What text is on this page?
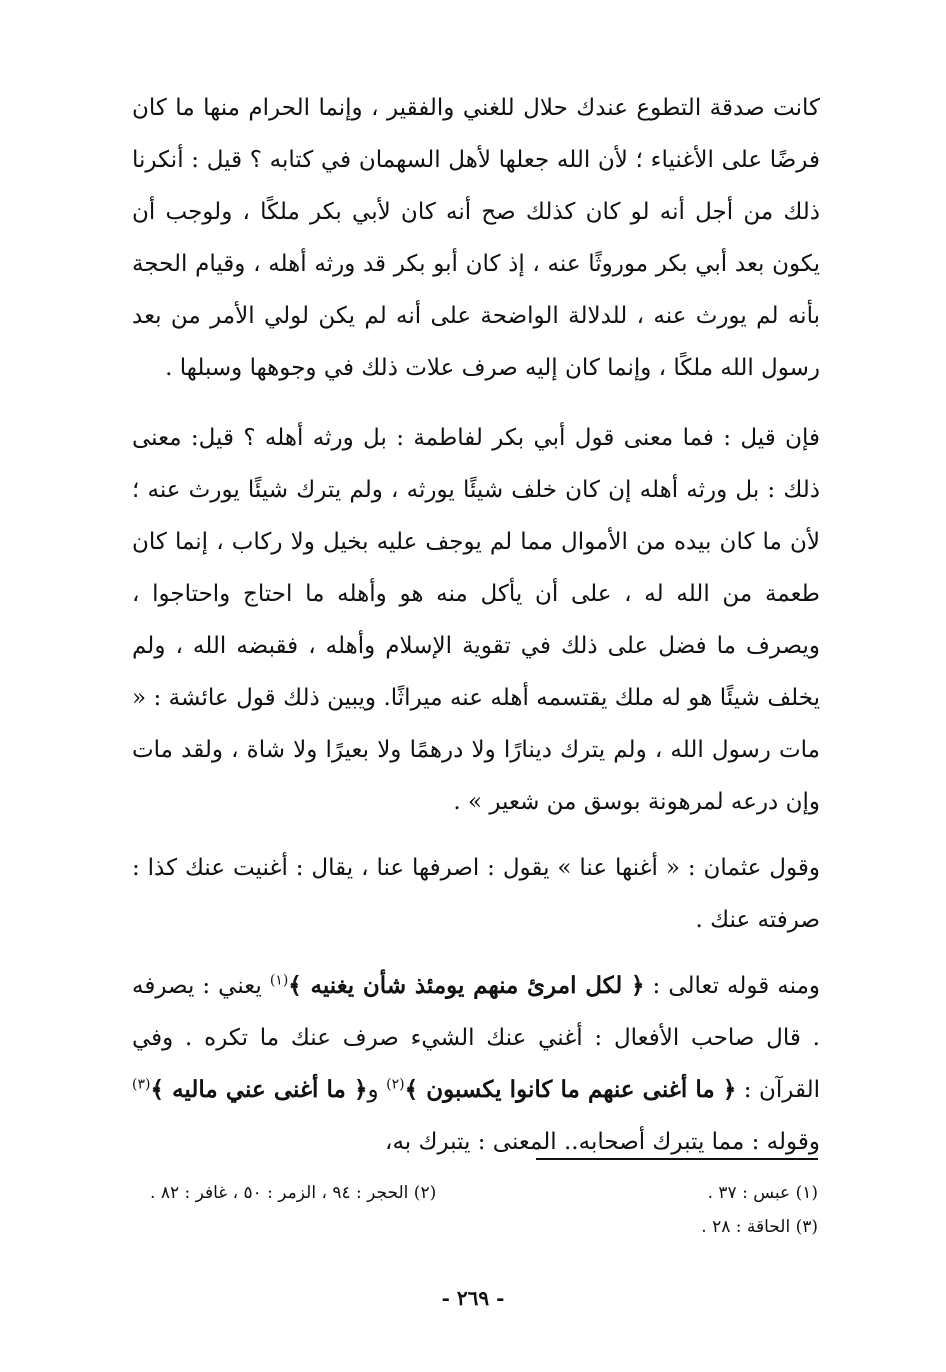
كانت صدقة التطوع عندك حلال للغني والفقير ، وإنما الحرام منها ما كان فرضًا على الأغنياء ؛ لأن الله جعلها لأهل السهمان في كتابه ؟ قيل : أنكرنا ذلك من أجل أنه لو كان كذلك صح أنه كان لأبي بكر ملكًا ، ولوجب أن يكون بعد أبي بكر موروثًا عنه ، إذ كان أبو بكر قد ورثه أهله ، وقيام الحجة بأنه لم يورث عنه ، للدلالة الواضحة على أنه لم يكن لولي الأمر من بعد رسول الله ملكًا ، وإنما كان إليه صرف علات ذلك في وجوهها وسبلها .

فإن قيل : فما معنى قول أبي بكر لفاطمة : بل ورثه أهله ؟ قيل: معنى ذلك : بل ورثه أهله إن كان خلف شيئًا يورثه ، ولم يترك شيئًا يورث عنه ؛ لأن ما كان بيده من الأموال مما لم يوجف عليه بخيل ولا ركاب ، إنما كان طعمة من الله له ، على أن يأكل منه هو وأهله ما احتاج واحتاجوا ، ويصرف ما فضل على ذلك في تقوية الإسلام وأهله ، فقبضه الله ، ولم يخلف شيئًا هو له ملك يقتسمه أهله عنه ميراثًا. ويبين ذلك قول عائشة : « مات رسول الله ، ولم يترك دينارًا ولا درهمًا ولا بعيرًا ولا شاة ، ولقد مات وإن درعه لمرهونة بوسق من شعير » .

وقول عثمان : « أغنها عنا » يقول : اصرفها عنا ، يقال : أغنيت عنك كذا : صرفته عنك .

ومنه قوله تعالى : ﴿ لكل امرئ منهم يومئذ شأن يغنيه ﴾$^{(١)}$ يعني : يصرفه . قال صاحب الأفعال : أغني عنك الشيء صرف عنك ما تكره . وفي القرآن : ﴿ ما أغنى عنهم ما كانوا يكسبون ﴾$^{(٢)}$ و﴿ ما أغنى عني ماليه ﴾$^{(٣)}$ وقوله : مما يتبرك أصحابه.. المعنى : يتبرك به،

(١) عبس : ٣٧ .
(٢) الحجر : ٩٤ ، الزمر : ٥٠ ، غافر : ٨٢ .
(٣) الحاقة : ٢٨ .
- ٢٦٩ -
